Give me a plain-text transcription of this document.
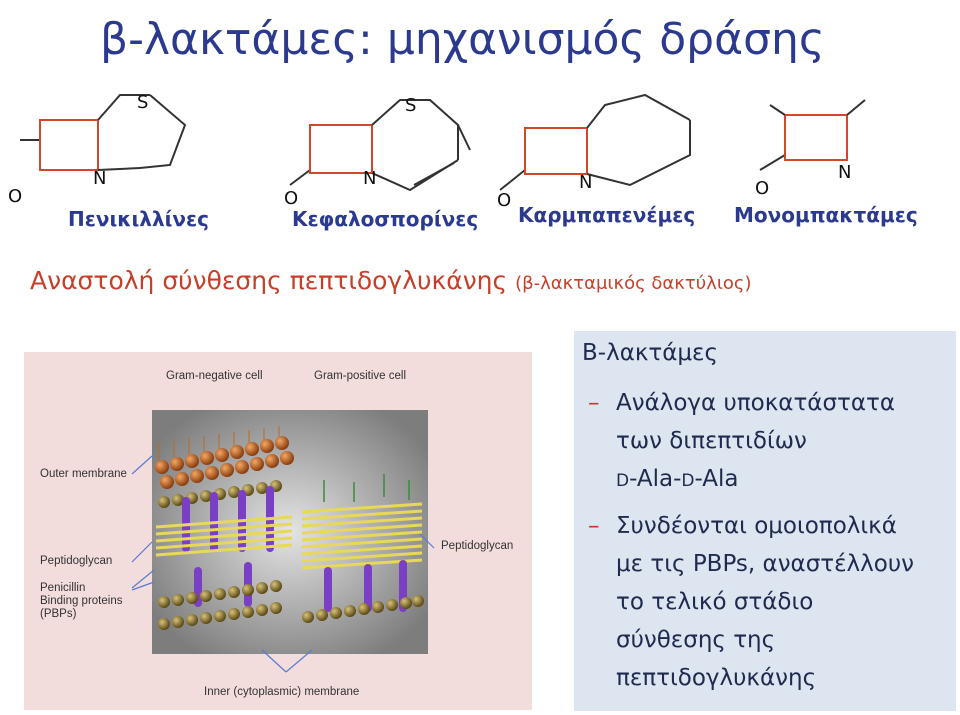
β-λακτάμες: μηχανισμός δράσης
S
N
O
S
N
O
N
O
N
O
Πενικιλλίνες	Κεφαλοσπορίνες Καρμπαπενέμες Μονομπακτάμες
Αναστολή σύνθεσης πεπτιδογλυκάνης (β-λακταμικός δακτύλιος)
Gram-negative cell	Gram-positive cell
Outer membrane
Peptidoglycan
Penicillin
Binding proteins
(PBPs)
Peptidoglycan
Inner (cytoplasmic) membrane
Β-λακτάμες
– Ανάλογα υποκατάστατα
των διπεπτιδίων
D-Ala-D-Ala
– Συνδέονται ομοιοπολικά
με τις PBPs, αναστέλλουν
το τελικό στάδιο
σύνθεσης της
πεπτιδογλυκάνης
